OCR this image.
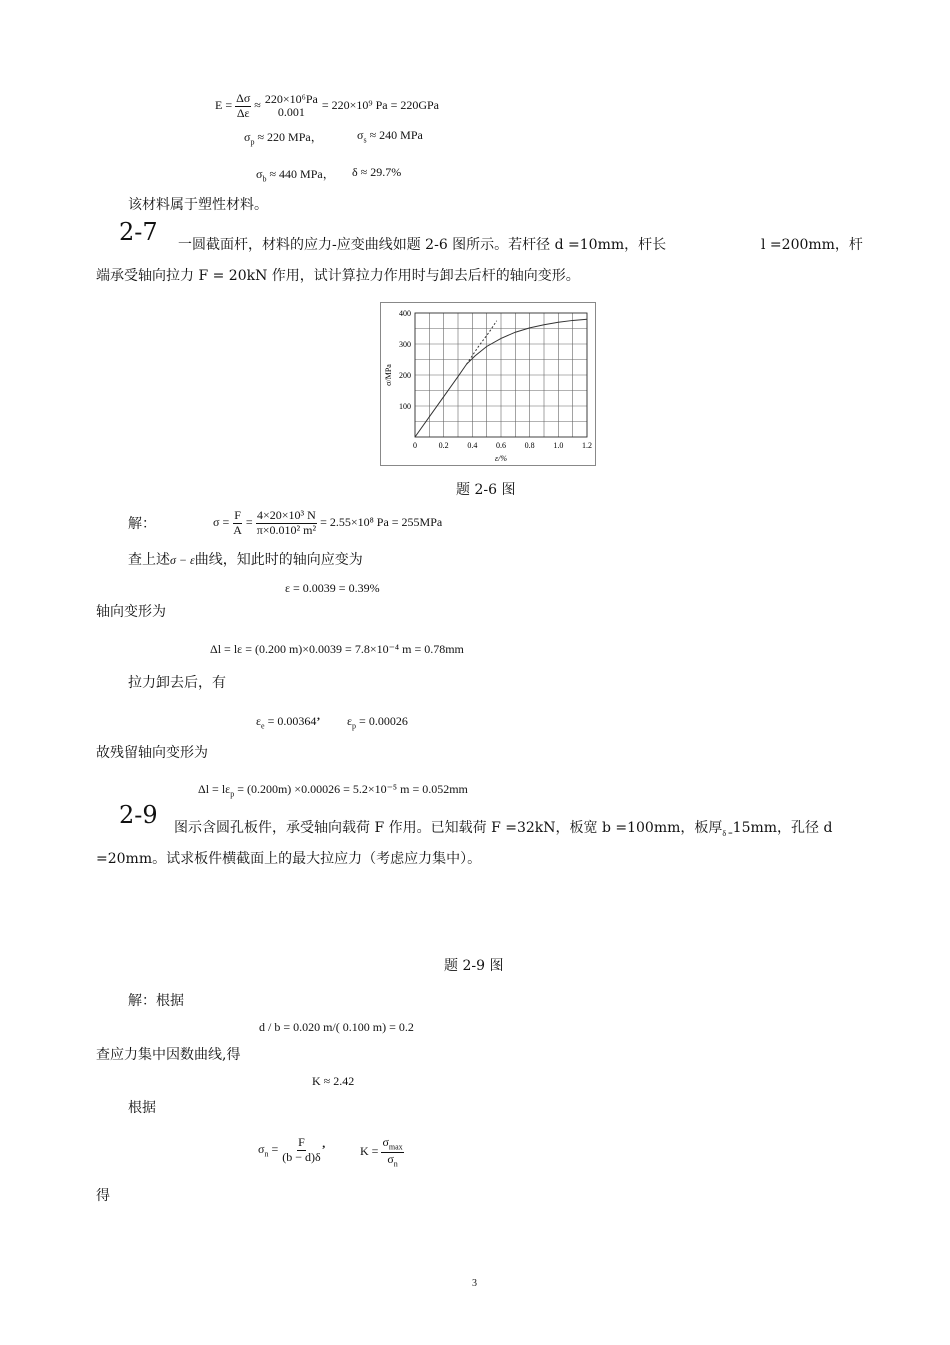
$E = \frac{\Delta\sigma}{\Delta\varepsilon} \approx 220\times 10^6Pa$
0.001
= 220×10⁹ Pa = 220GPa
$\sigma_p \approx 220$ MPa，	$\sigma_s \approx 240$ MPa
$\sigma_b \approx 440$ MPa， δ ≈ 29.7%
该材料属于塑性材料。
2-7 一圆截面杆，材料的应力-应变曲线如题 2-6 图所示。若杆径 d =10mm，杆长	l =200mm，杆
端承受轴向拉力 F = 20kN 作用，试计算拉力作用时与卸去后杆的轴向变形。
0	0.2 0.4 0.6 0.8 1.0 1.2
100
200
300
400
ε/%
σ/MPa
题 2-6 图
解：	$\sigma = \frac{F}{A} = \frac{\text{4×20×10³ N}}{\text{π×0.010² m²}} = 2.55\times 10^8$ Pa = 255MPa
查上述σ − ε曲线，知此时的轴向应变为
ε = 0.0039 = 0.39%
轴向变形为
Δl = lε = (0.200 m)×0.0039 = 7.8×10⁻⁴ m = 0.78mm
拉力卸去后，有
$\varepsilon_e = 0.00364$’ $\varepsilon_p = 0.00026$
故残留轴向变形为
$\Delta l = l\varepsilon_p = (0.200m) \times 0.00026 = 5.2\times 10^{-5}$ m = 0.052mm
2-9 图示含圆孔板件，承受轴向载荷 F 作用。已知载荷 F =32kN，板宽 b =100mm，板厚$_{\delta =}$15mm，孔径 d
=20mm。试求板件横截面上的最大拉应力（考虑应力集中）。
题 2-9 图
解：根据
d / b = 0.020 m/( 0.100 m) = 0.2
查应力集中因数曲线,得
K ≈ 2.42
根据
$\sigma_n = \frac{F}{(b - d)\delta}$ ’	$K = \frac{\sigma_{max}}{\sigma_n}$
得
3
